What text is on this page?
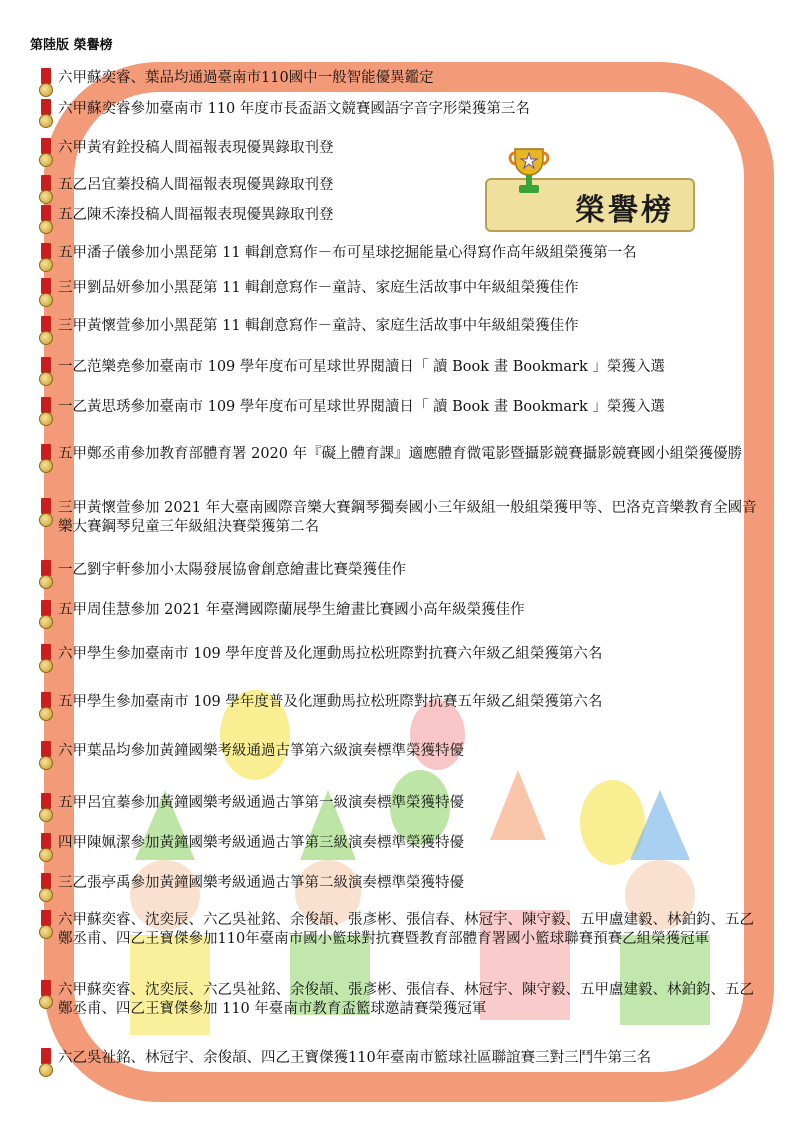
第陸版 榮譽榜
榮譽榜
六甲蘇奕睿、葉品均通過臺南市110國中一般智能優異鑑定
六甲蘇奕睿參加臺南市 110 年度市長盃語文競賽國語字音字形榮獲第三名
六甲黃宥銓投稿人間福報表現優異錄取刊登
五乙呂宜蓁投稿人間福報表現優異錄取刊登
五乙陳禾溱投稿人間福報表現優異錄取刊登
五甲潘子儀參加小黑琵第 11 輯創意寫作－布可星球挖掘能量心得寫作高年級組榮獲第一名
三甲劉品妍參加小黑琵第 11 輯創意寫作－童詩、家庭生活故事中年級組榮獲佳作
三甲黃懷萱參加小黑琵第 11 輯創意寫作－童詩、家庭生活故事中年級組榮獲佳作
一乙范樂堯參加臺南市 109 學年度布可星球世界閱讀日「 讀 Book 畫 Bookmark 」榮獲入選
一乙黃思琇參加臺南市 109 學年度布可星球世界閱讀日「 讀 Book 畫 Bookmark 」榮獲入選
五甲鄭丞甫參加教育部體育署 2020 年『礙上體育課』適應體育微電影暨攝影競賽攝影競賽國小組榮獲優勝
三甲黃懷萱參加 2021 年大臺南國際音樂大賽鋼琴獨奏國小三年級組一般組榮獲甲等、巴洛克音樂教育全國音樂大賽鋼琴兒童三年級組決賽榮獲第二名
一乙劉宇軒參加小太陽發展協會創意繪畫比賽榮獲佳作
五甲周佳慧參加 2021 年臺灣國際蘭展學生繪畫比賽國小高年級榮獲佳作
六甲學生參加臺南市 109 學年度普及化運動馬拉松班際對抗賽六年級乙組榮獲第六名
五甲學生參加臺南市 109 學年度普及化運動馬拉松班際對抗賽五年級乙組榮獲第六名
六甲葉品均參加黃鐘國樂考級通過古箏第六級演奏標準榮獲特優
五甲呂宜蓁參加黃鐘國樂考級通過古箏第一級演奏標準榮獲特優
四甲陳姵潔參加黃鐘國樂考級通過古箏第三級演奏標準榮獲特優
三乙張亭禹參加黃鐘國樂考級通過古箏第二級演奏標準榮獲特優
六甲蘇奕睿、沈奕辰、六乙吳祉銘、余俊頡、張彥彬、張信春、林冠宇、陳守毅、五甲盧建毅、林鉑鈞、五乙鄭丞甫、四乙王寶傑參加110年臺南市國小籃球對抗賽暨教育部體育署國小籃球聯賽預賽乙組榮獲冠軍
六甲蘇奕睿、沈奕辰、六乙吳祉銘、余俊頡、張彥彬、張信春、林冠宇、陳守毅、五甲盧建毅、林鉑鈞、五乙鄭丞甫、四乙王寶傑參加 110 年臺南市教育盃籃球邀請賽榮獲冠軍
六乙吳祉銘、林冠宇、余俊頡、四乙王寶傑獲110年臺南市籃球社區聯誼賽三對三鬥牛第三名
